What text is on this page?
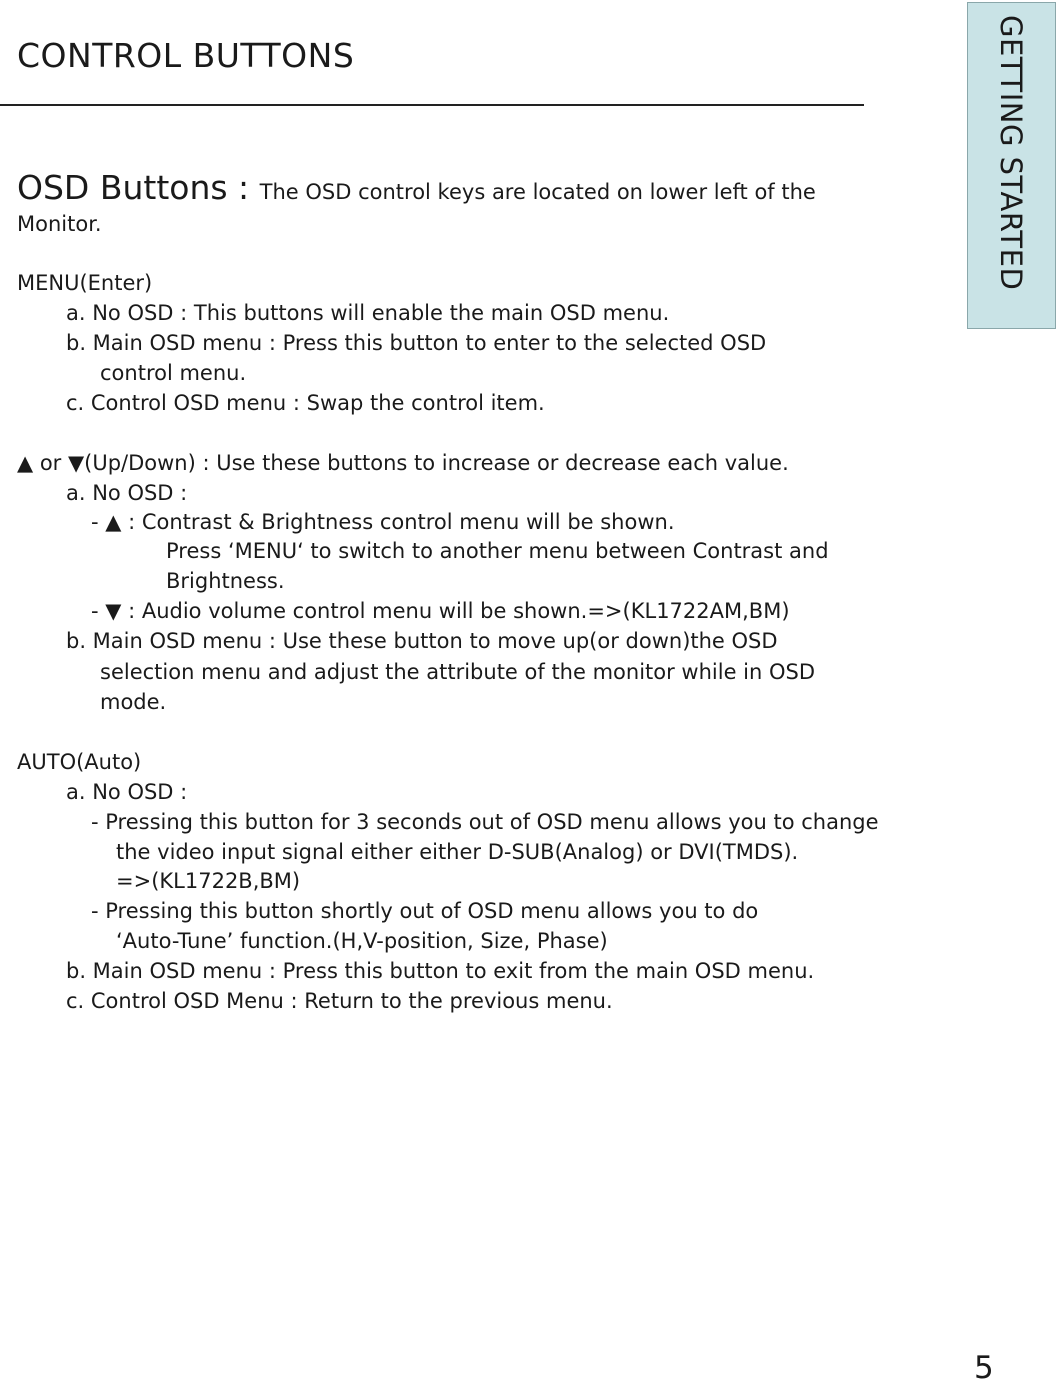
CONTROL BUTTONS	GETTING STARTED
OSD Buttons : The OSD control keys are located on lower left of the
Monitor.
MENU(Enter)
a. No OSD : This buttons will enable the main OSD menu.
b. Main OSD menu : Press this button to enter to the selected OSD
control menu.
c. Control OSD menu : Swap the control item.
▲ or ▼(Up/Down) : Use these buttons to increase or decrease each value.
a. No OSD :
- ▲ : Contrast & Brightness control menu will be shown.
Press ‘MENU‘ to switch to another menu between Contrast and
Brightness.
- ▼ : Audio volume control menu will be shown.=>(KL1722AM,BM)
b. Main OSD menu : Use these button to move up(or down)the OSD
selection menu and adjust the attribute of the monitor while in OSD
mode.
AUTO(Auto)
a. No OSD :
- Pressing this button for 3 seconds out of OSD menu allows you to change
the video input signal either either D-SUB(Analog) or DVI(TMDS).
=>(KL1722B,BM)
- Pressing this button shortly out of OSD menu allows you to do
‘Auto-Tune’ function.(H,V-position, Size, Phase)
b. Main OSD menu : Press this button to exit from the main OSD menu.
c. Control OSD Menu : Return to the previous menu.
5
